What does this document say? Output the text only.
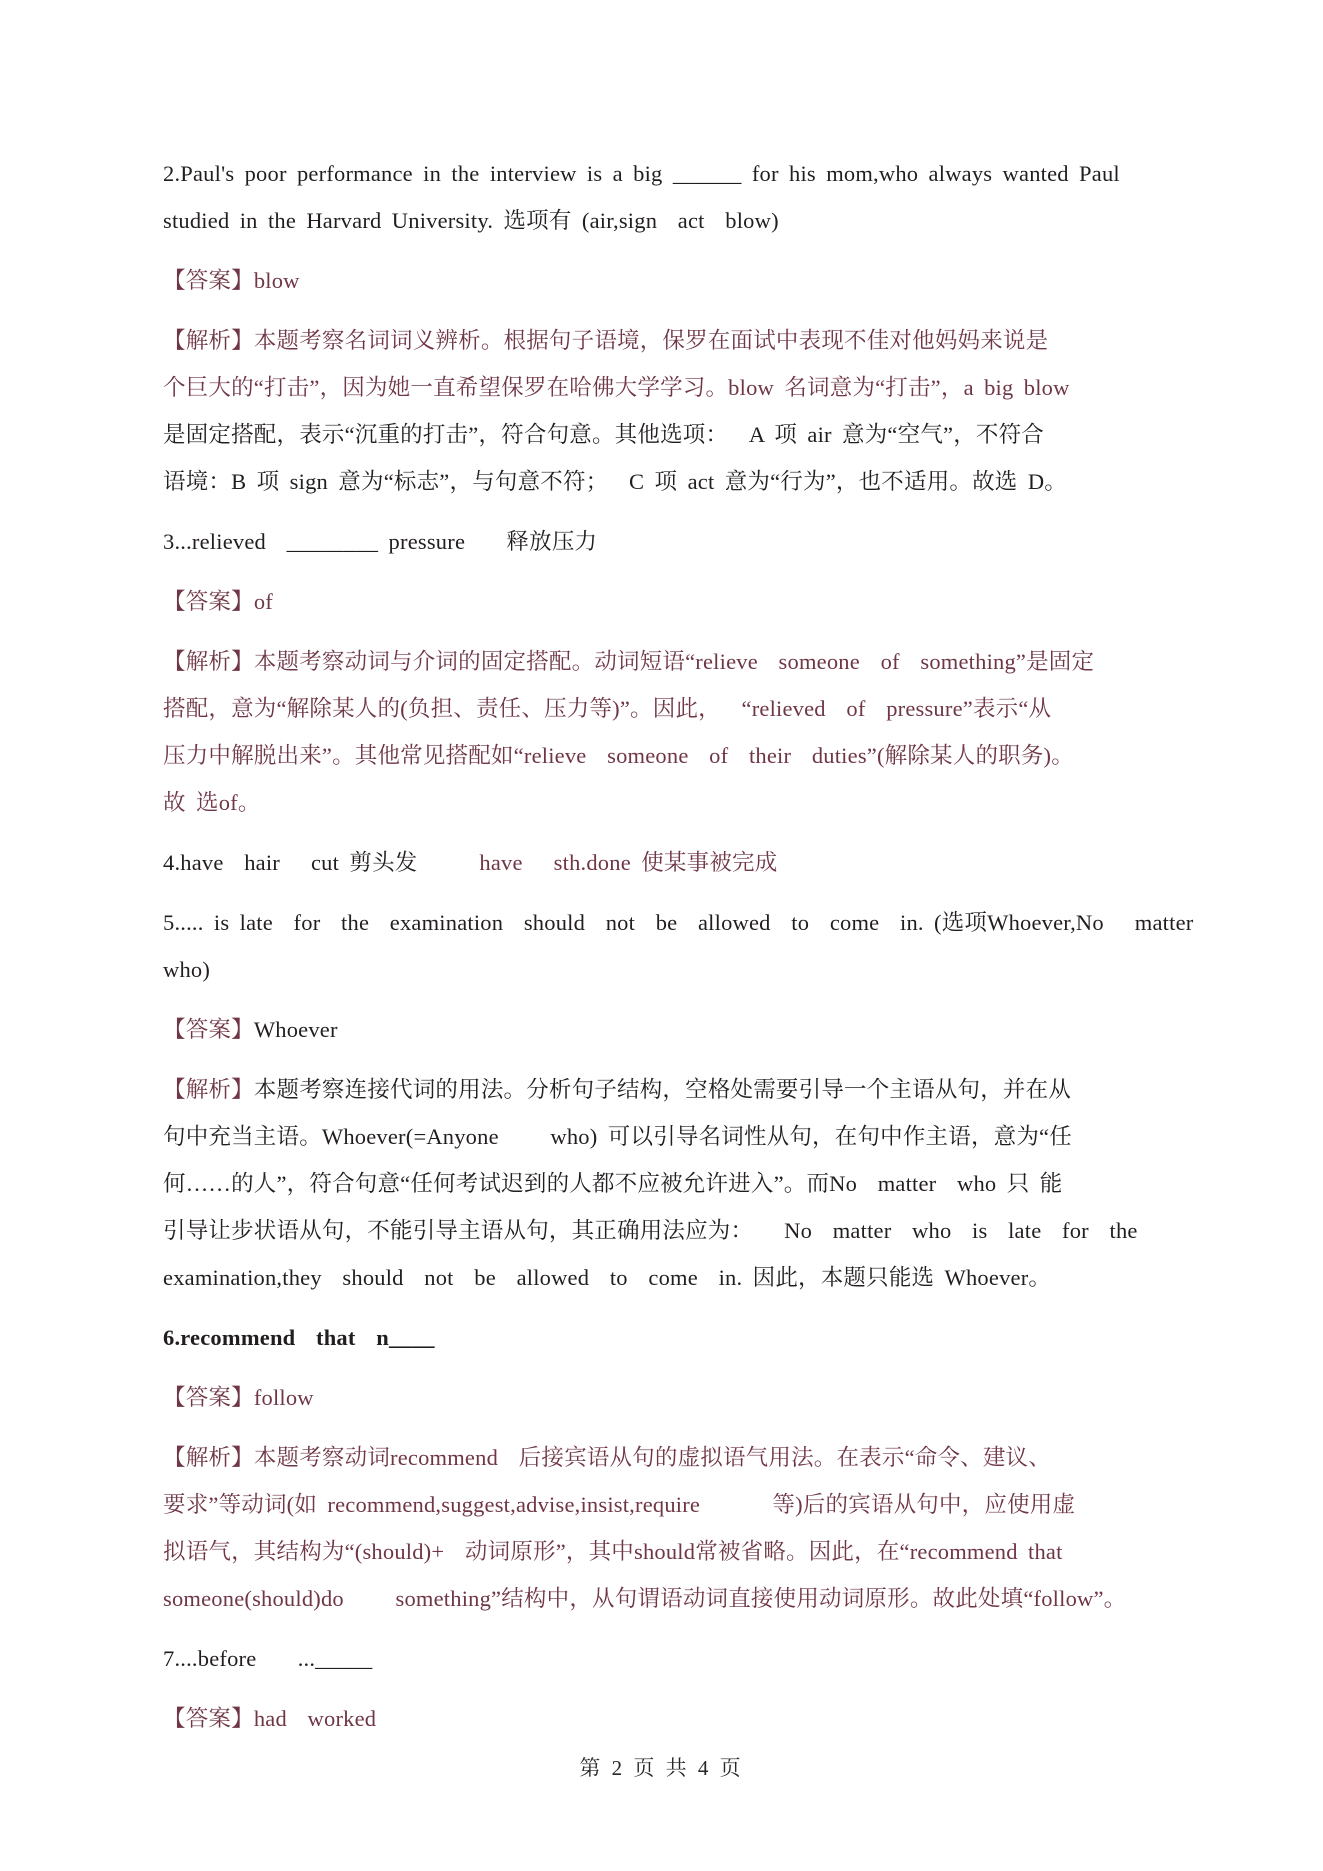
2.Paul's poor performance in the interview is a big ______ for his mom,who always wanted Paul
studied in the Harvard University. 选项有 (air,sign  act  blow)
【答案】blow
【解析】本题考察名词词义辨析。根据句子语境，保罗在面试中表现不佳对他妈妈来说是
个巨大的“打击”，因为她一直希望保罗在哈佛大学学习。blow 名词意为“打击”，a big blow
是固定搭配，表示“沉重的打击”，符合句意。其他选项：  A 项 air 意为“空气”，不符合
语境：B 项 sign 意为“标志”，与句意不符；  C 项 act 意为“行为”，也不适用。故选 D。
3...relieved  ________ pressure    释放压力
【答案】of
【解析】本题考察动词与介词的固定搭配。动词短语“relieve  someone  of  something”是固定
搭配，意为“解除某人的(负担、责任、压力等)”。因此，  “relieved  of  pressure”表示“从
压力中解脱出来”。其他常见搭配如“relieve  someone  of  their  duties”(解除某人的职务)。
故 选of。
4.have  hair   cut 剪头发      have   sth.done 使某事被完成
5..... is late  for  the  examination  should  not  be  allowed  to  come  in. (选项Whoever,No   matter
who)
【答案】Whoever
【解析】本题考察连接代词的用法。分析句子结构，空格处需要引导一个主语从句，并在从
句中充当主语。Whoever(=Anyone     who) 可以引导名词性从句，在句中作主语，意为“任
何……的人”，符合句意“任何考试迟到的人都不应被允许进入”。而No  matter  who 只 能
引导让步状语从句，不能引导主语从句，其正确用法应为：   No  matter  who  is  late  for  the
examination,they  should  not  be  allowed  to  come  in. 因此，本题只能选 Whoever。
6.recommend  that  n____
【答案】follow
【解析】本题考察动词recommend  后接宾语从句的虚拟语气用法。在表示“命令、建议、
要求”等动词(如 recommend,suggest,advise,insist,require       等)后的宾语从句中，应使用虚
拟语气，其结构为“(should)+  动词原形”，其中should常被省略。因此，在“recommend that
someone(should)do     something”结构中，从句谓语动词直接使用动词原形。故此处填“follow”。
7....before    ..._____
【答案】had  worked
第 2 页 共 4 页
